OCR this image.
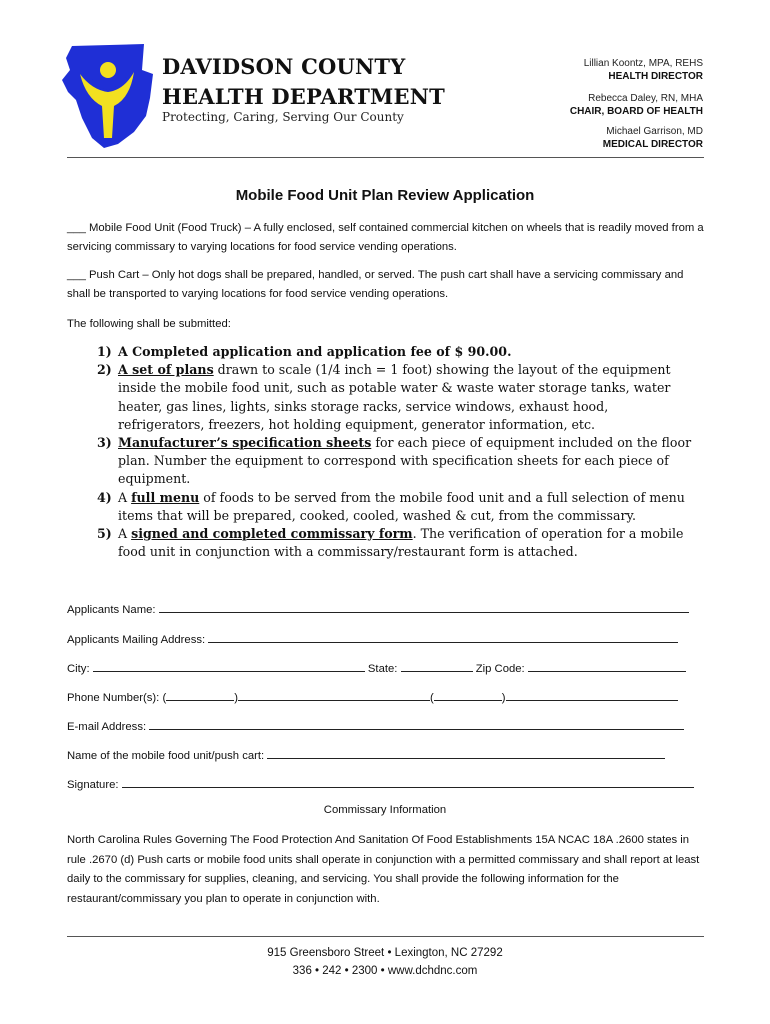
DAVIDSON COUNTY
HEALTH DEPARTMENT
Protecting, Caring, Serving Our County
Lillian Koontz, MPA, REHS
HEALTH DIRECTOR
Rebecca Daley, RN, MHA
CHAIR, BOARD OF HEALTH
Michael Garrison, MD
MEDICAL DIRECTOR
Mobile Food Unit Plan Review Application
___ Mobile Food Unit (Food Truck) – A fully enclosed, self contained commercial kitchen on wheels that is readily moved from a servicing commissary to varying locations for food service vending operations.
___ Push Cart – Only hot dogs shall be prepared, handled, or served. The push cart shall have a servicing commissary and shall be transported to varying locations for food service vending operations.
The following shall be submitted:
1) A Completed application and application fee of $ 90.00.
2) A set of plans drawn to scale (1/4 inch = 1 foot) showing the layout of the equipment inside the mobile food unit, such as potable water & waste water storage tanks, water heater, gas lines, lights, sinks storage racks, service windows, exhaust hood, refrigerators, freezers, hot holding equipment, generator information, etc.
3) Manufacturer’s specification sheets for each piece of equipment included on the floor plan. Number the equipment to correspond with specification sheets for each piece of equipment.
4) A full menu of foods to be served from the mobile food unit and a full selection of menu items that will be prepared, cooked, cooled, washed & cut, from the commissary.
5) A signed and completed commissary form. The verification of operation for a mobile food unit in conjunction with a commissary/restaurant form is attached.
Applicants Name:
Applicants Mailing Address:
City:	State:	Zip Code:
Phone Number(s): (	)	(	)
E-mail Address:
Name of the mobile food unit/push cart:
Signature:
Commissary Information
North Carolina Rules Governing The Food Protection And Sanitation Of Food Establishments 15A NCAC 18A .2600 states in rule .2670 (d) Push carts or mobile food units shall operate in conjunction with a permitted commissary and shall report at least daily to the commissary for supplies, cleaning, and servicing. You shall provide the following information for the restaurant/commissary you plan to operate in conjunction with.
915 Greensboro Street • Lexington, NC 27292
336 • 242 • 2300 • www.dchdnc.com
